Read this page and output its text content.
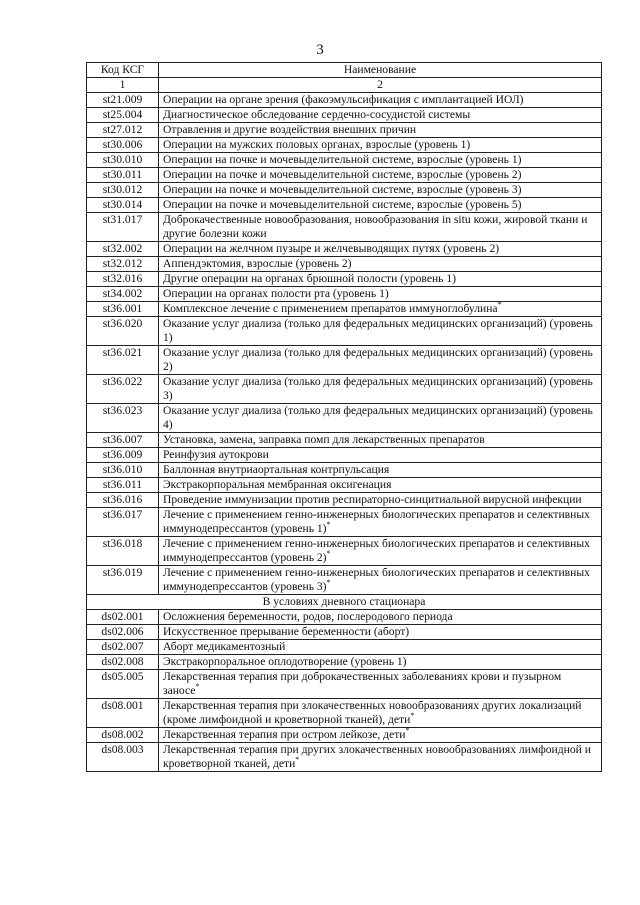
3
Код КСГ	Наименование
1	2
st21.009	Операции на органе зрения (факоэмульсификация с имплантацией ИОЛ)
st25.004	Диагностическое обследование сердечно-сосудистой системы
st27.012	Отравления и другие воздействия внешних причин
st30.006	Операции на мужских половых органах, взрослые (уровень 1)
st30.010	Операции на почке и мочевыделительной системе, взрослые (уровень 1)
st30.011	Операции на почке и мочевыделительной системе, взрослые (уровень 2)
st30.012	Операции на почке и мочевыделительной системе, взрослые (уровень 3)
st30.014	Операции на почке и мочевыделительной системе, взрослые (уровень 5)
st31.017	Доброкачественные новообразования, новообразования in situ кожи, жировой ткани и другие болезни кожи
st32.002	Операции на желчном пузыре и желчевыводящих путях (уровень 2)
st32.012	Аппендэктомия, взрослые (уровень 2)
st32.016	Другие операции на органах брюшной полости (уровень 1)
st34.002	Операции на органах полости рта (уровень 1)
st36.001	Комплексное лечение с применением препаратов иммуноглобулина*
st36.020	Оказание услуг диализа (только для федеральных медицинских организаций) (уровень 1)
st36.021	Оказание услуг диализа (только для федеральных медицинских организаций) (уровень 2)
st36.022	Оказание услуг диализа (только для федеральных медицинских организаций) (уровень 3)
st36.023	Оказание услуг диализа (только для федеральных медицинских организаций) (уровень 4)
st36.007	Установка, замена, заправка помп для лекарственных препаратов
st36.009	Реинфузия аутокрови
st36.010	Баллонная внутриаортальная контрпульсация
st36.011	Экстракорпоральная мембранная оксигенация
st36.016	Проведение иммунизации против респираторно-синцитиальной вирусной инфекции
st36.017	Лечение с применением генно-инженерных биологических препаратов и селективных иммунодепрессантов (уровень 1)*
st36.018	Лечение с применением генно-инженерных биологических препаратов и селективных иммунодепрессантов (уровень 2)*
st36.019	Лечение с применением генно-инженерных биологических препаратов и селективных иммунодепрессантов (уровень 3)*
В условиях дневного стационара	
ds02.001	Осложнения беременности, родов, послеродового периода
ds02.006	Искусственное прерывание беременности (аборт)
ds02.007	Аборт медикаментозный
ds02.008	Экстракорпоральное оплодотворение (уровень 1)
ds05.005	Лекарственная терапия при доброкачественных заболеваниях крови и пузырном заносе*
ds08.001	Лекарственная терапия при злокачественных новообразованиях других локализаций (кроме лимфоидной и кроветворной тканей), дети*
ds08.002	Лекарственная терапия при остром лейкозе, дети*
ds08.003	Лекарственная терапия при других злокачественных новообразованиях лимфоидной и кроветворной тканей, дети*
